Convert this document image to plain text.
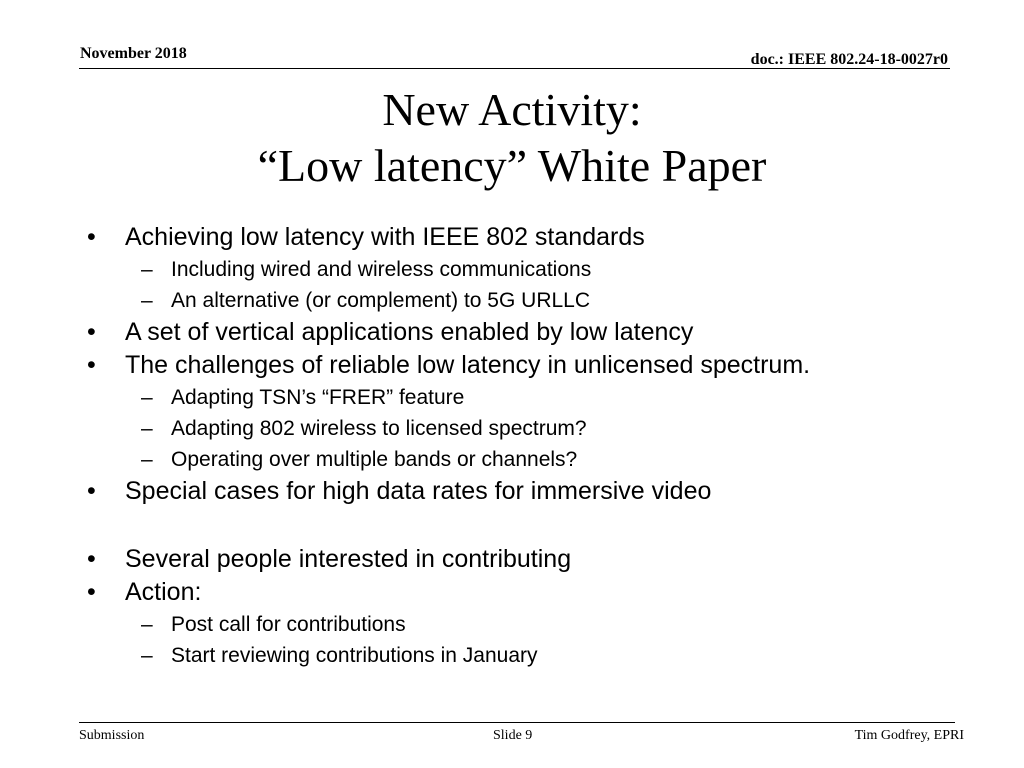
November 2018	doc.: IEEE 802.24-18-0027r0
New Activity:
“Low latency” White Paper
• Achieving low latency with IEEE 802 standards
– Including wired and wireless communications
– An alternative (or complement) to 5G URLLC
• A set of vertical applications enabled by low latency
• The challenges of reliable low latency in unlicensed spectrum.
– Adapting TSN’s “FRER” feature
– Adapting 802 wireless to licensed spectrum?
– Operating over multiple bands or channels?
• Special cases for high data rates for immersive video
• Several people interested in contributing
• Action:
– Post call for contributions
– Start reviewing contributions in January
Submission	Slide 9	Tim Godfrey, EPRI
